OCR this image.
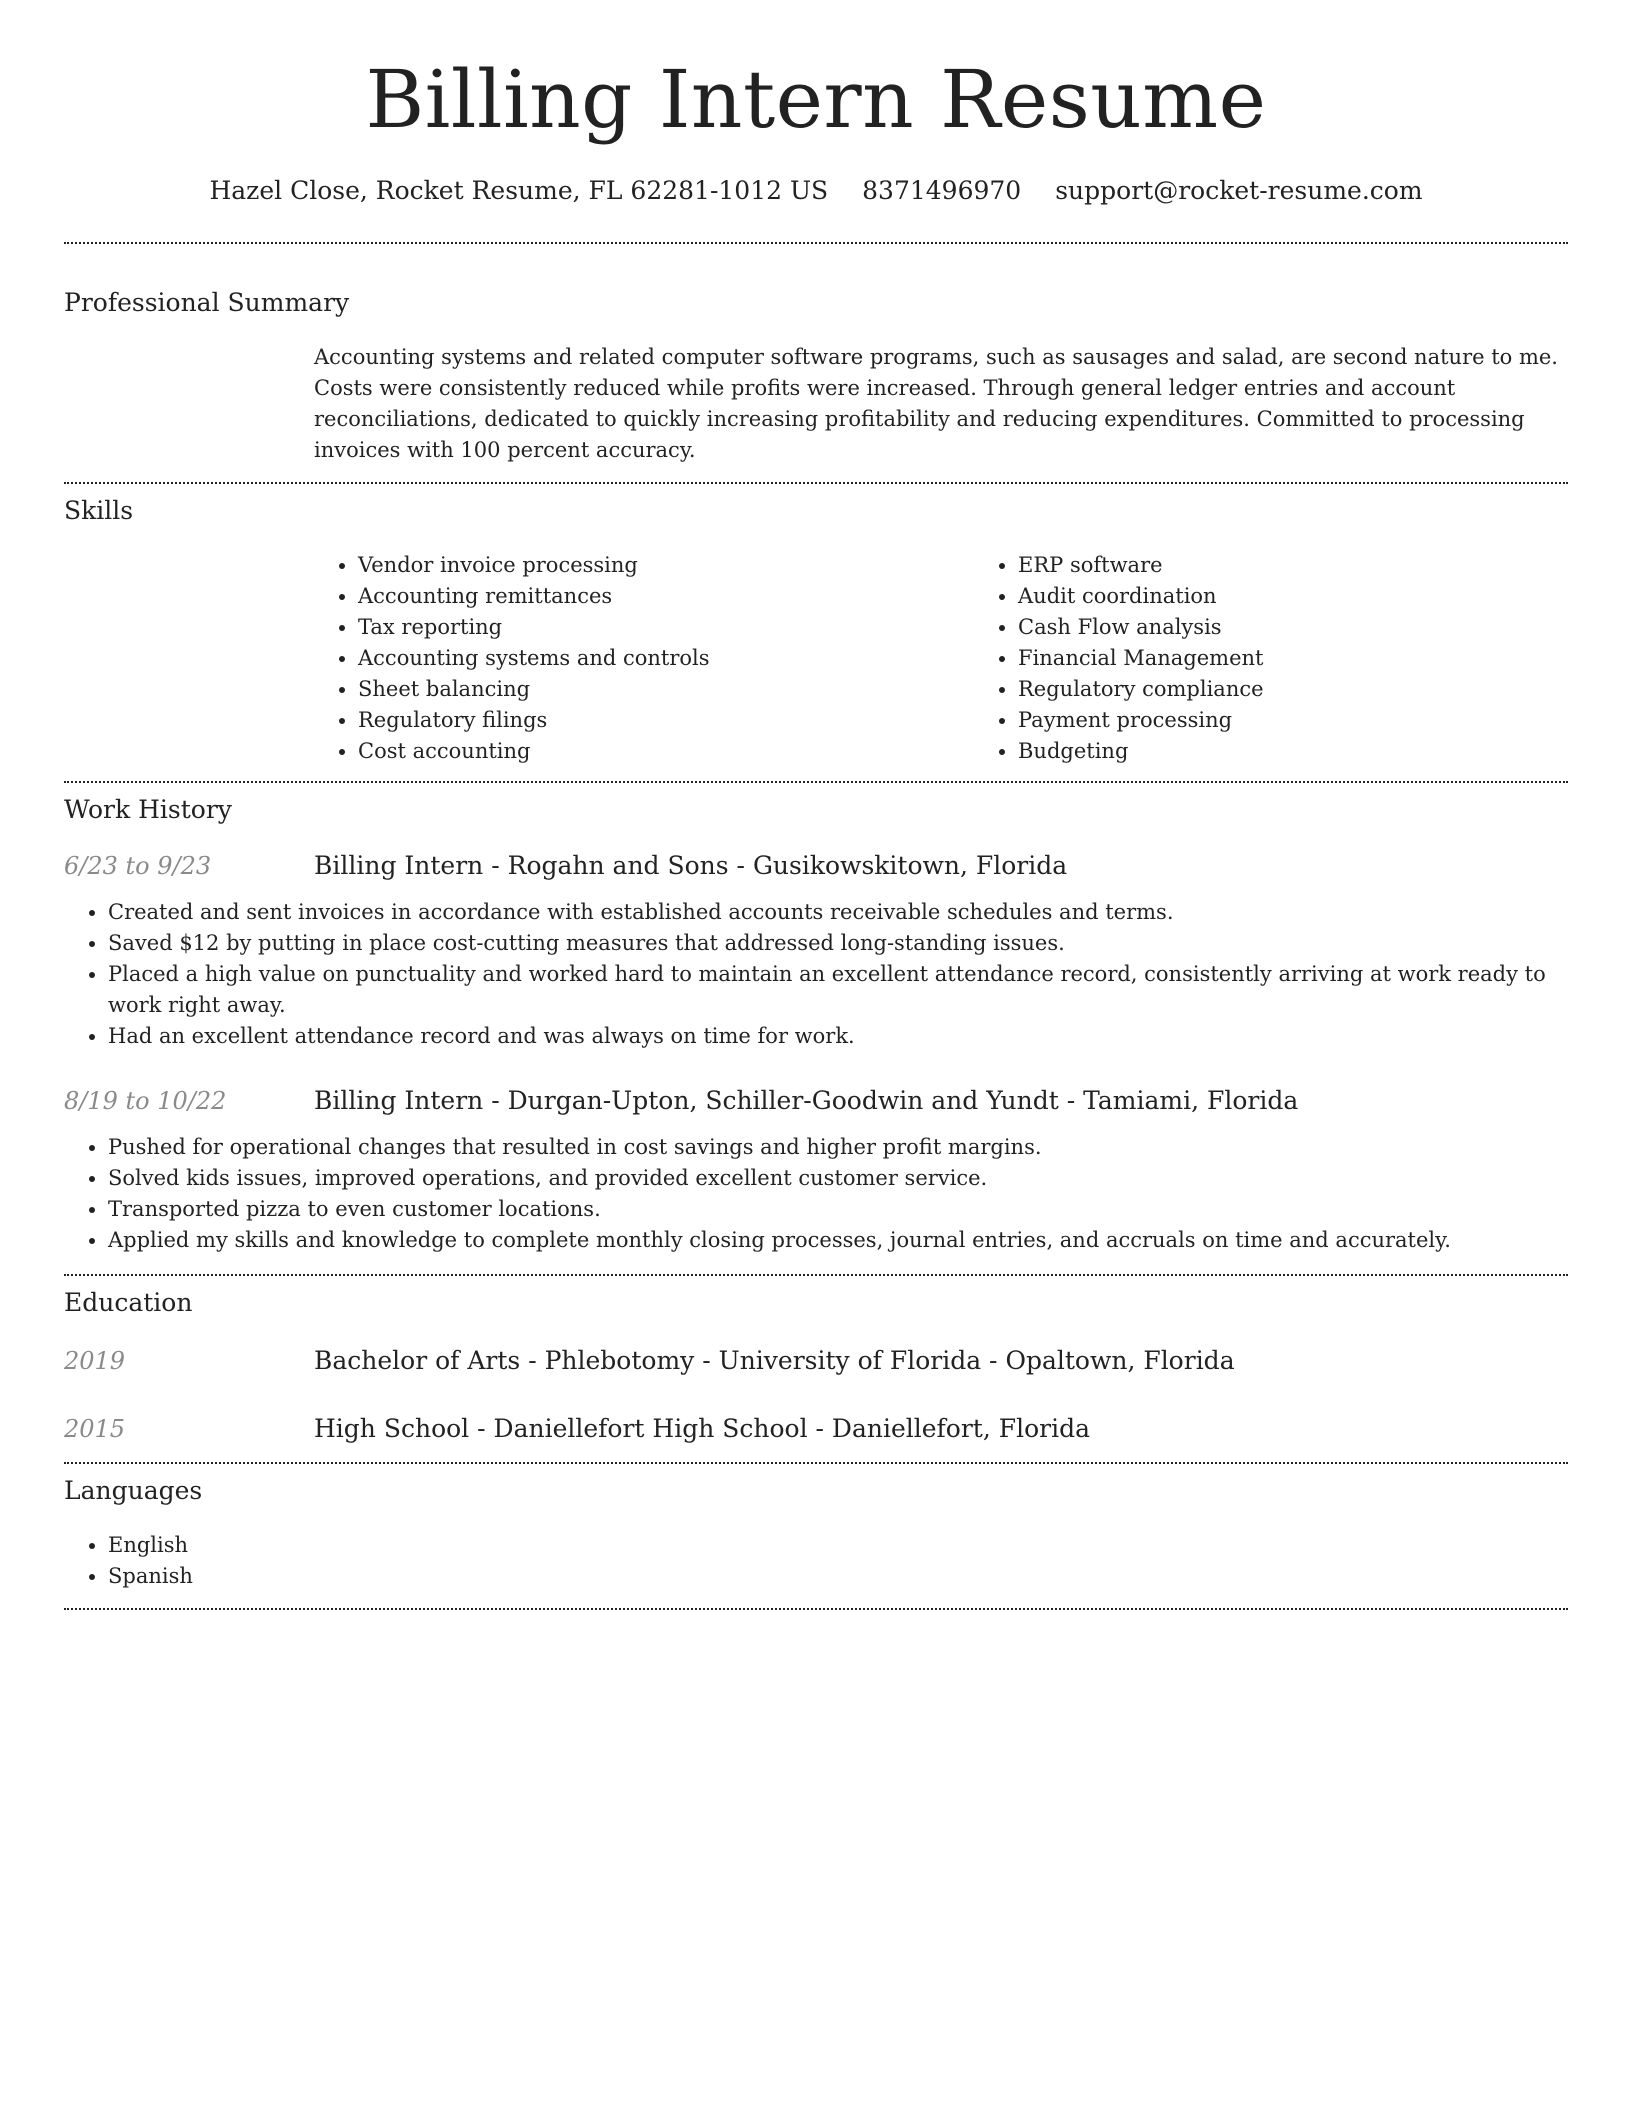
Billing Intern Resume
Hazel Close, Rocket Resume, FL 62281-1012 US 8371496970 support@rocket-resume.com
Professional Summary

Accounting systems and related computer software programs, such as sausages and salad, are second nature to me. Costs were consistently reduced while profits were increased. Through general ledger entries and account reconciliations, dedicated to quickly increasing profitability and reducing expenditures. Committed to processing invoices with 100 percent accuracy.

Skills
• Vendor invoice processing
• Accounting remittances
• Tax reporting
• Accounting systems and controls
• Sheet balancing
• Regulatory filings
• Cost accounting
• ERP software
• Audit coordination
• Cash Flow analysis
• Financial Management
• Regulatory compliance
• Payment processing
• Budgeting
Work History
6/23 to 9/23	Billing Intern - Rogahn and Sons - Gusikowskitown, Florida
• Created and sent invoices in accordance with established accounts receivable schedules and terms.
• Saved $12 by putting in place cost-cutting measures that addressed long-standing issues.
• Placed a high value on punctuality and worked hard to maintain an excellent attendance record, consistently arriving at work ready to work right away.
• Had an excellent attendance record and was always on time for work.
8/19 to 10/22	Billing Intern - Durgan-Upton, Schiller-Goodwin and Yundt - Tamiami, Florida
• Pushed for operational changes that resulted in cost savings and higher profit margins.
• Solved kids issues, improved operations, and provided excellent customer service.
• Transported pizza to even customer locations.
• Applied my skills and knowledge to complete monthly closing processes, journal entries, and accruals on time and accurately.
Education
2019	Bachelor of Arts - Phlebotomy - University of Florida - Opaltown, Florida
2015	High School - Daniellefort High School - Daniellefort, Florida
Languages
• English
• Spanish
